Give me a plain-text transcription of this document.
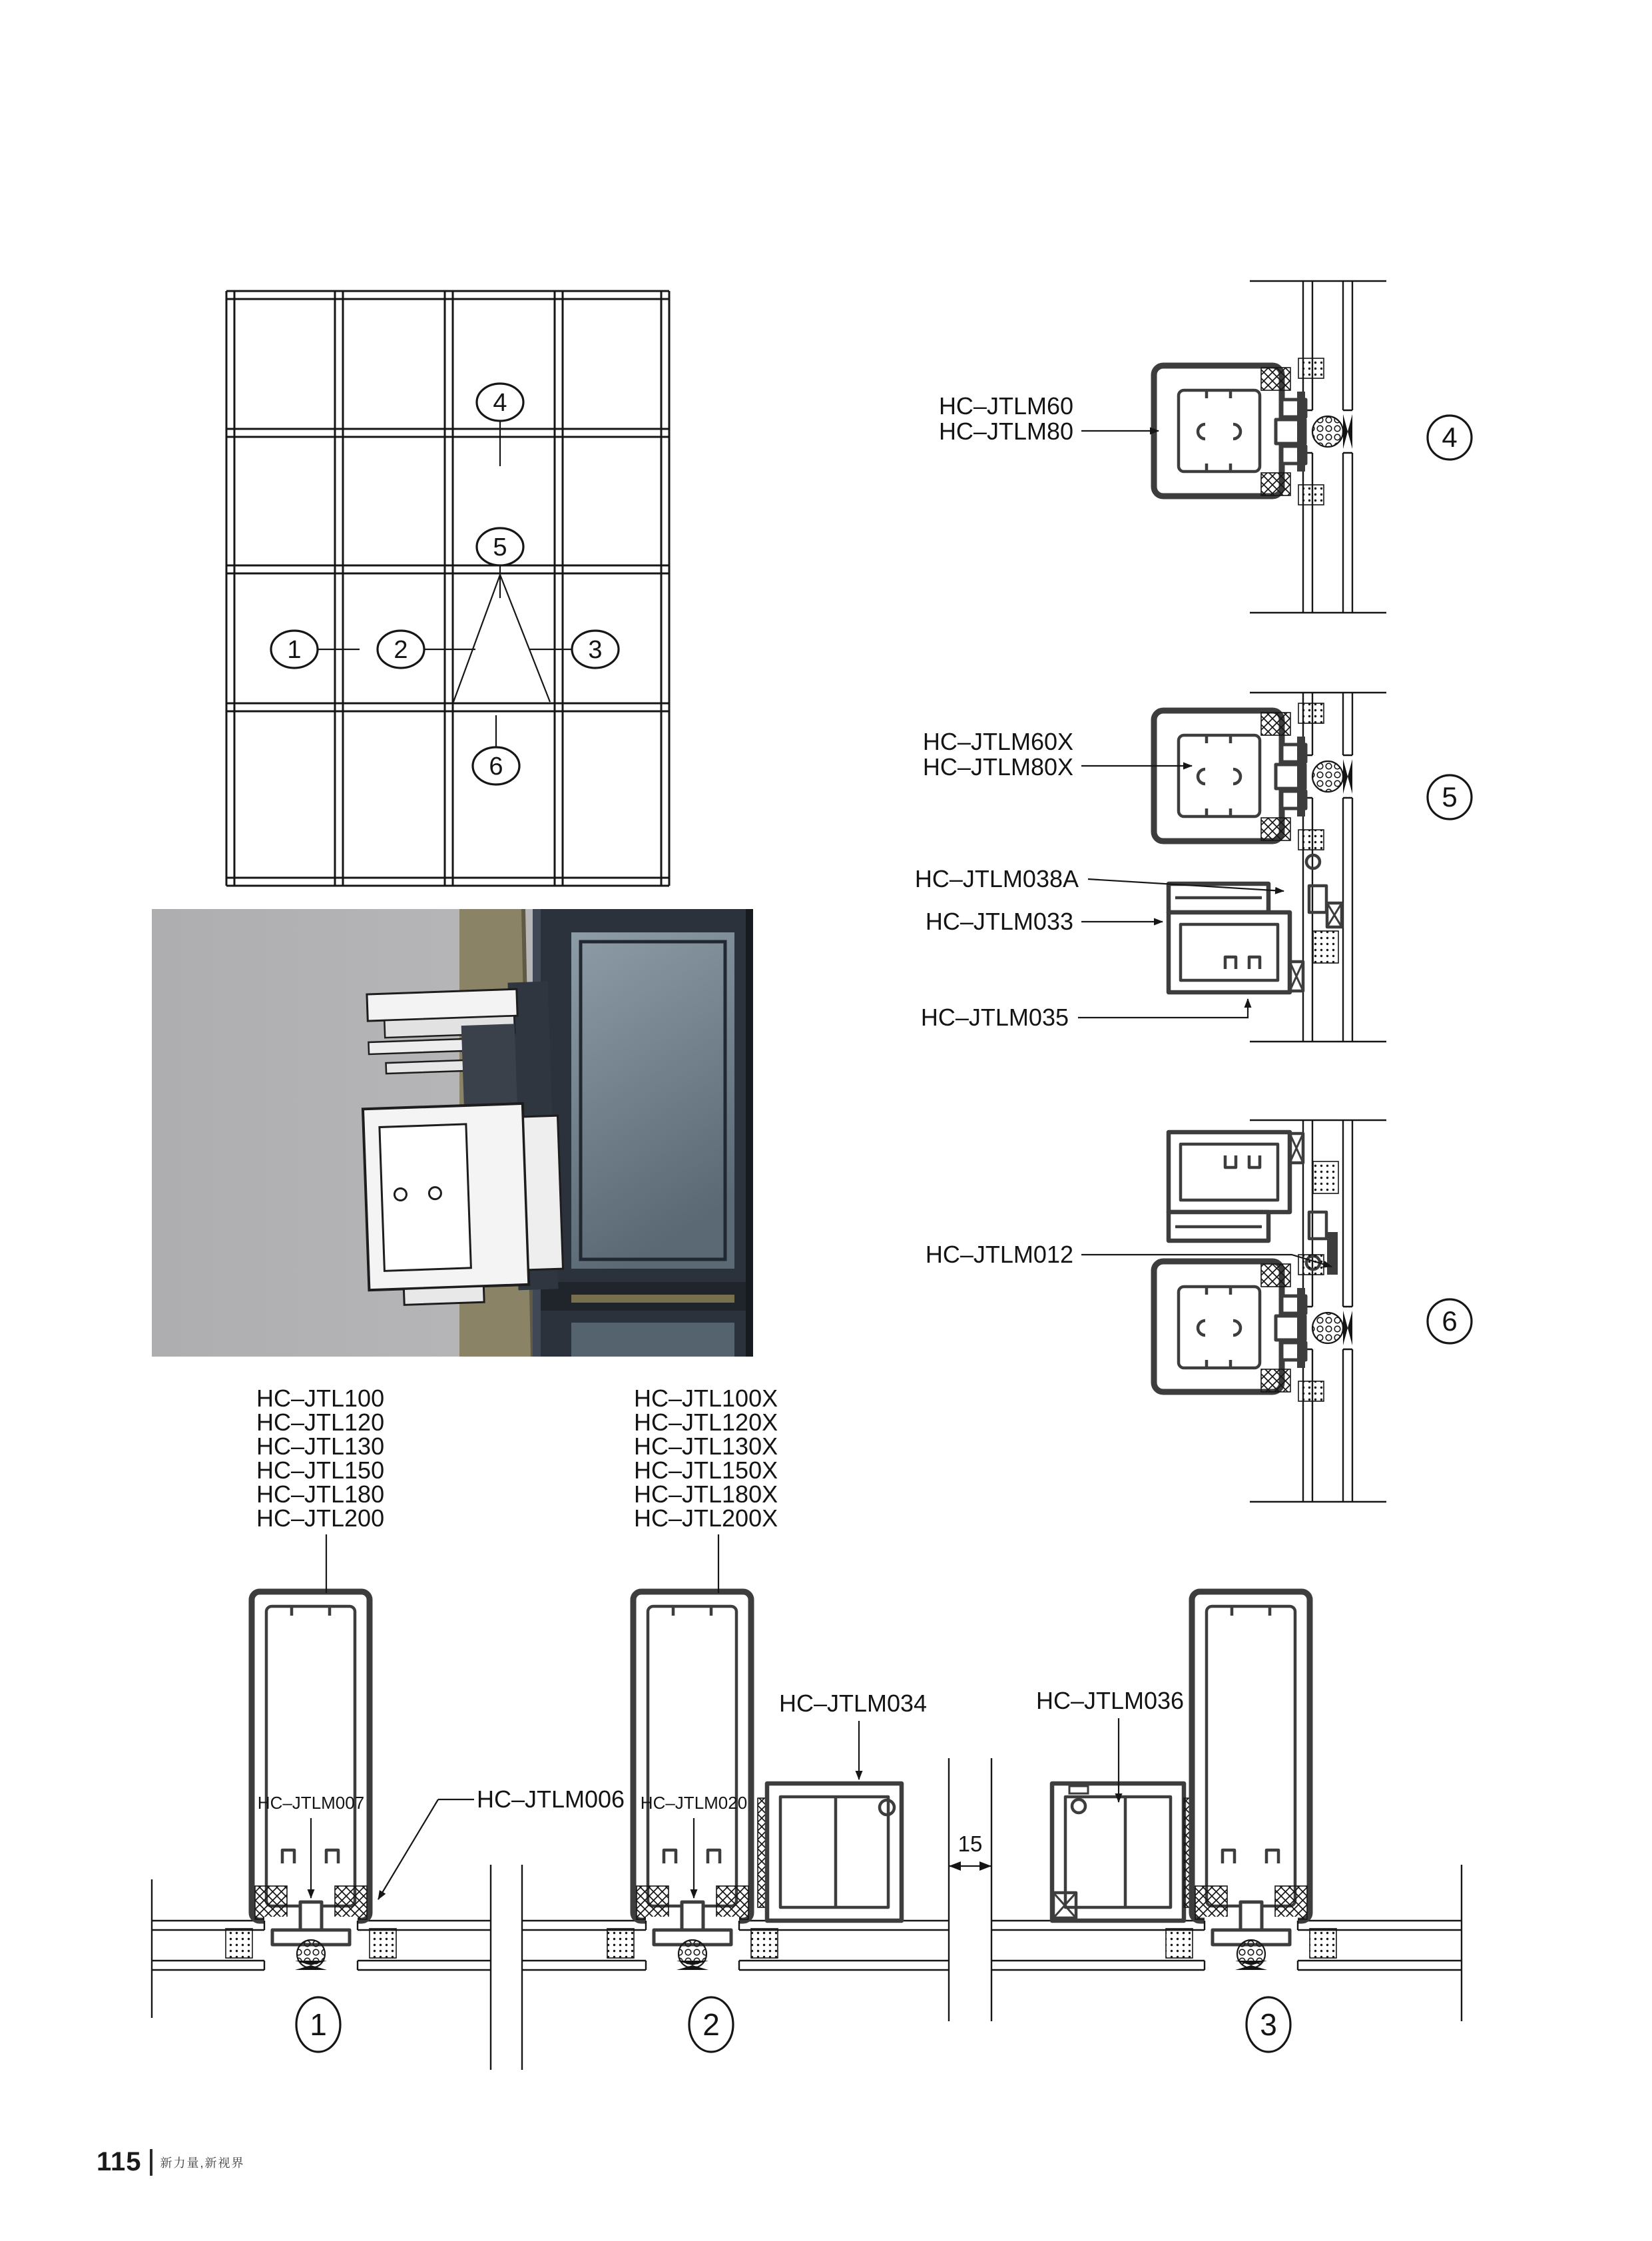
4
5
1	2	3
6
HC–JTLM60
HC–JTLM80	4
HC–JTLM60X
HC–JTLM80X
HC–JTLM038A
HC–JTLM033
HC–JTLM035
5
HC–JTLM012
6
15
HC–JTL100
HC–JTL120
HC–JTL130
HC–JTL150
HC–JTL180
HC–JTL200
HC–JTL100X
HC–JTL120X
HC–JTL130X
HC–JTL150X
HC–JTL180X
HC–JTL200X
HC–JTLM034	HC–JTLM036
HC–JTLM007	HC–JTLM006 HC–JTLM020
1	2	3
115 新力量,新视界
